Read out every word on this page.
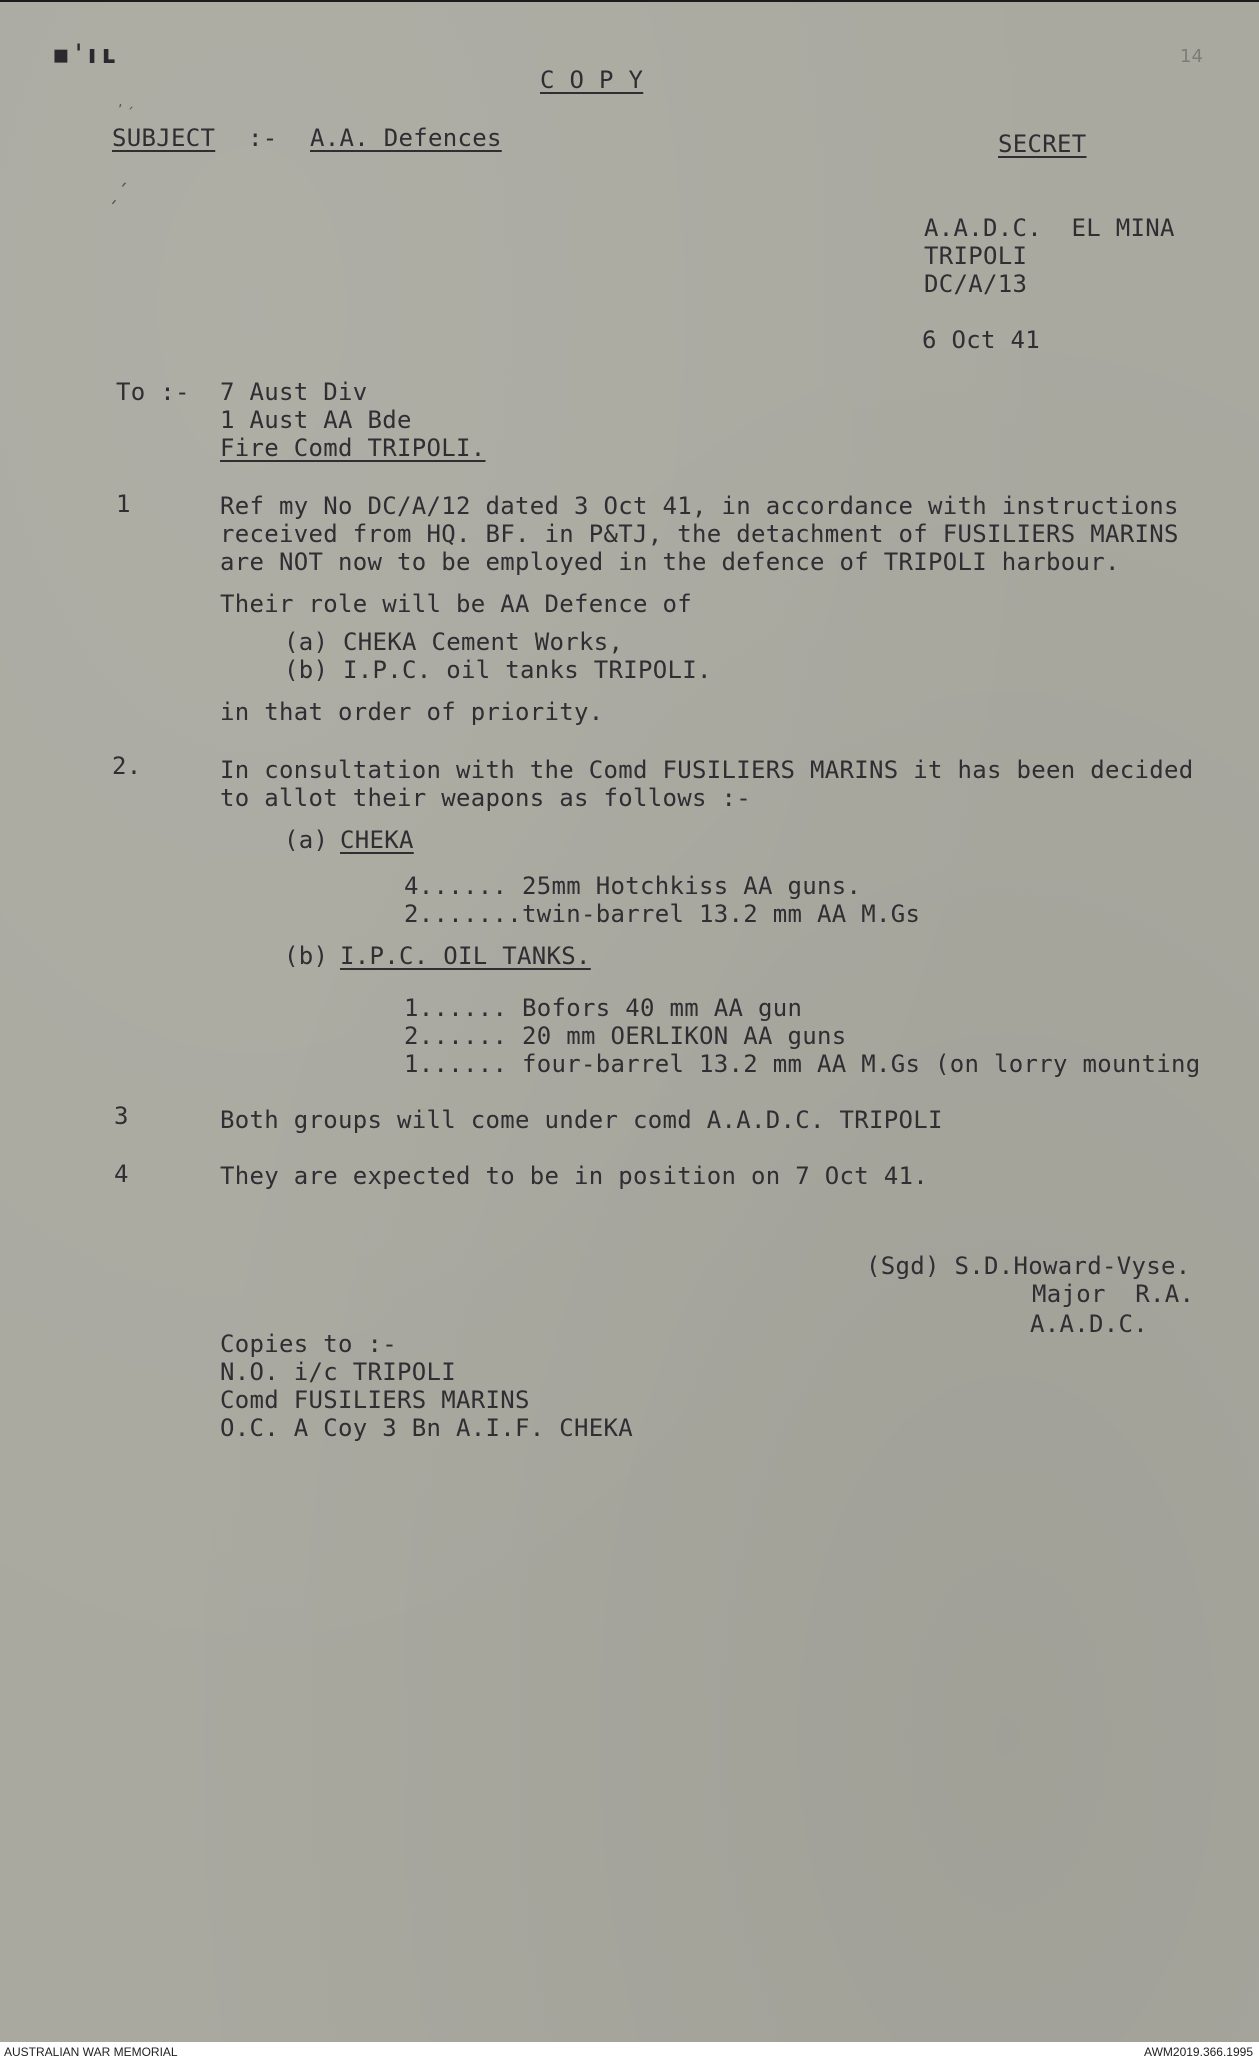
▪ ˈ ı ʟ
‚ ˏ
ˏ´
14
C O P Y
SUBJECT :- A.A. Defences	SECRET
A.A.D.C.  EL MINA
TRIPOLI
DC/A/13
6 Oct 41
To :- 7 Aust Div
1 Aust AA Bde
Fire Comd TRIPOLI.
1	Ref my No DC/A/12 dated 3 Oct 41, in accordance with instructions
received from HQ. BF. in P&TJ, the detachment of FUSILIERS MARINS
are NOT now to be employed in the defence of TRIPOLI harbour.
Their role will be AA Defence of
(a) CHEKA Cement Works,
(b) I.P.C. oil tanks TRIPOLI.
in that order of priority.
2.	In consultation with the Comd FUSILIERS MARINS it has been decided
to allot their weapons as follows :-
(a) CHEKA
4...... 25mm Hotchkiss AA guns.
2.......twin-barrel 13.2 mm AA M.Gs
(b) I.P.C. OIL TANKS.
1...... Bofors 40 mm AA gun
2...... 20 mm OERLIKON AA guns
1...... four-barrel 13.2 mm AA M.Gs (on lorry mounting
3	Both groups will come under comd A.A.D.C. TRIPOLI
4	They are expected to be in position on 7 Oct 41.
(Sgd) S.D.Howard-Vyse.
Major  R.A.
A.A.D.C.
Copies to :-
N.O. i/c TRIPOLI
Comd FUSILIERS MARINS
O.C. A Coy 3 Bn A.I.F. CHEKA
AUSTRALIAN WAR MEMORIAL	AWM2019.366.1995
